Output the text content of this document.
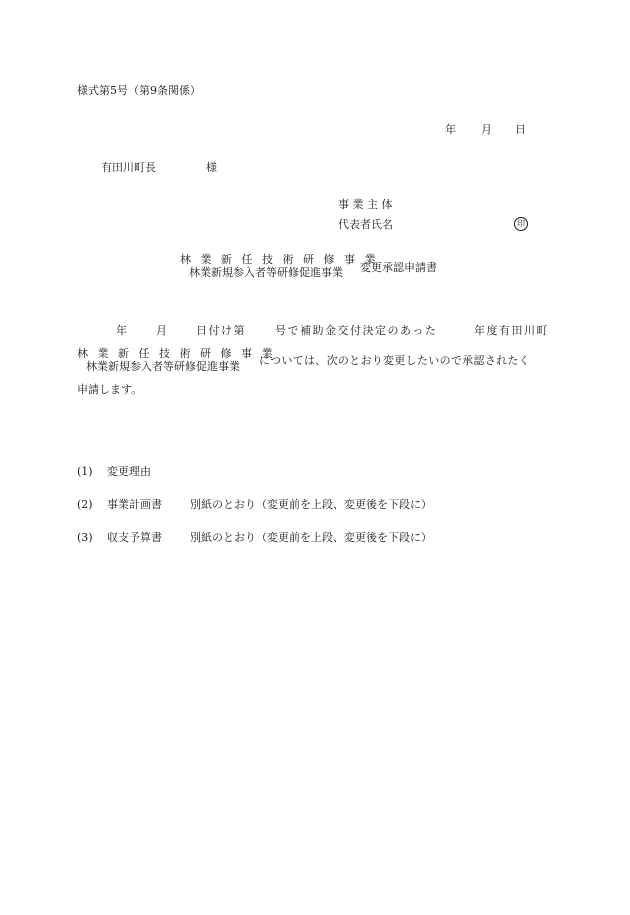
様式第5号（第9条関係）
年 月 日
有田川町長	様
事 業 主 体
代表者氏名	印
林 業 新 任 技 術 研 修 事 業
林業新規参入者等研修促進事業	変更承認申請書
年	月	日付け第	号で補助金交付決定のあった	年度有田川町
林 業 新 任 技 術 研 修 事 業
林業新規参入者等研修促進事業	については、次のとおり変更したいので承認されたく
申請します。
(1) 変更理由
(2) 事業計画書	別紙のとおり（変更前を上段、変更後を下段に）
(3) 収支予算書	別紙のとおり（変更前を上段、変更後を下段に）
